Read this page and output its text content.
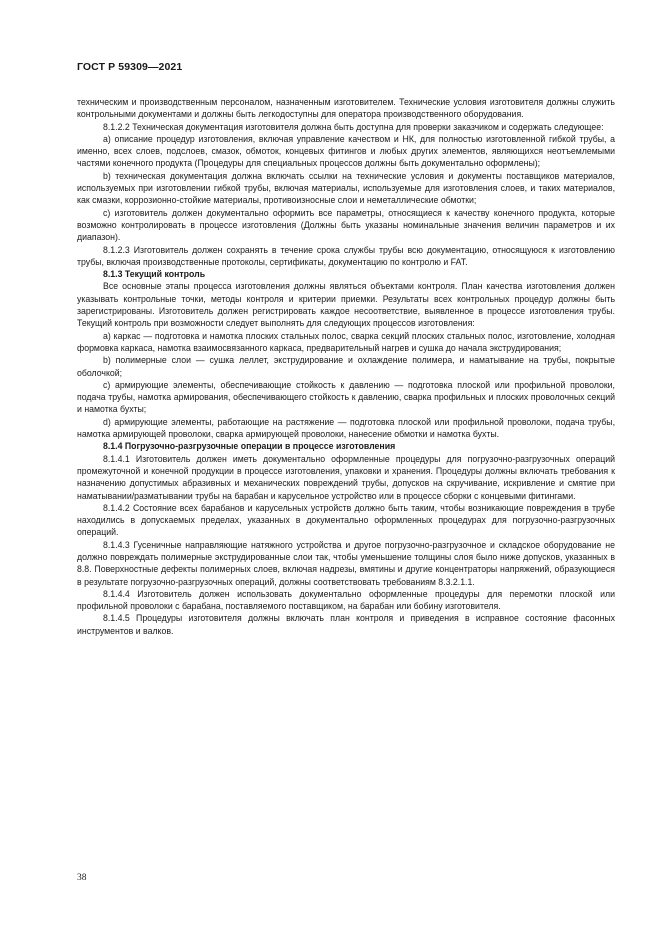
ГОСТ Р 59309—2021

техническим и производственным персоналом, назначенным изготовителем. Технические условия изготовителя должны служить контрольными документами и должны быть легкодоступны для оператора производственного оборудования.

8.1.2.2 Техническая документация изготовителя должна быть доступна для проверки заказчиком и содержать следующее:

a) описание процедур изготовления, включая управление качеством и НК, для полностью изготовленной гибкой трубы, а именно, всех слоев, подслоев, смазок, обмоток, концевых фитингов и любых других элементов, являющихся неотъемлемыми частями конечного продукта (Процедуры для специальных процессов должны быть документально оформлены);

b) техническая документация должна включать ссылки на технические условия и документы поставщиков материалов, используемых при изготовлении гибкой трубы, включая материалы, используемые для изготовления слоев, и таких материалов, как смазки, коррозионно-стойкие материалы, противоизносные слои и неметаллические обмотки;

c) изготовитель должен документально оформить все параметры, относящиеся к качеству конечного продукта, которые возможно контролировать в процессе изготовления (Должны быть указаны номинальные значения величин параметров и их диапазон).

8.1.2.3 Изготовитель должен сохранять в течение срока службы трубы всю документацию, относящуюся к изготовлению трубы, включая производственные протоколы, сертификаты, документацию по контролю и FAT.

8.1.3 Текущий контроль

Все основные этапы процесса изготовления должны являться объектами контроля. План качества изготовления должен указывать контрольные точки, методы контроля и критерии приемки. Результаты всех контрольных процедур должны быть зарегистрированы. Изготовитель должен регистрировать каждое несоответствие, выявленное в процессе изготовления трубы. Текущий контроль при возможности следует выполнять для следующих процессов изготовления:

a) каркас — подготовка и намотка плоских стальных полос, сварка секций плоских стальных полос, изготовление, холодная формовка каркаса, намотка взаимосвязанного каркаса, предварительный нагрев и сушка до начала экструдирования;

b) полимерные слои — сушка леллет, экструдирование и охлаждение полимера, и наматывание на трубы, покрытые оболочкой;

c) армирующие элементы, обеспечивающие стойкость к давлению — подготовка плоской или профильной проволоки, подача трубы, намотка армирования, обеспечивающего стойкость к давлению, сварка профильных и плоских проволочных секций и намотка бухты;

d) армирующие элементы, работающие на растяжение — подготовка плоской или профильной проволоки, подача трубы, намотка армирующей проволоки, сварка армирующей проволоки, нанесение обмотки и намотка бухты.

8.1.4 Погрузочно-разгрузочные операции в процессе изготовления

8.1.4.1 Изготовитель должен иметь документально оформленные процедуры для погрузочно-разгрузочных операций промежуточной и конечной продукции в процессе изготовления, упаковки и хранения. Процедуры должны включать требования к назначению допустимых абразивных и механических повреждений трубы, допусков на скручивание, искривление и смятие при наматывании/разматывании трубы на барабан и карусельное устройство или в процессе сборки с концевыми фитингами.

8.1.4.2 Состояние всех барабанов и карусельных устройств должно быть таким, чтобы возникающие повреждения в трубе находились в допускаемых пределах, указанных в документально оформленных процедурах для погрузочно-разгрузочных операций.

8.1.4.3 Гусеничные направляющие натяжного устройства и другое погрузочно-разгрузочное и складское оборудование не должно повреждать полимерные экструдированные слои так, чтобы уменьшение толщины слоя было ниже допусков, указанных в 8.8. Поверхностные дефекты полимерных слоев, включая надрезы, вмятины и другие концентраторы напряжений, образующиеся в результате погрузочно-разгрузочных операций, должны соответствовать требованиям 8.3.2.1.1.

8.1.4.4 Изготовитель должен использовать документально оформленные процедуры для перемотки плоской или профильной проволоки с барабана, поставляемого поставщиком, на барабан или бобину изготовителя.

8.1.4.5 Процедуры изготовителя должны включать план контроля и приведения в исправное состояние фасонных инструментов и валков.

38
